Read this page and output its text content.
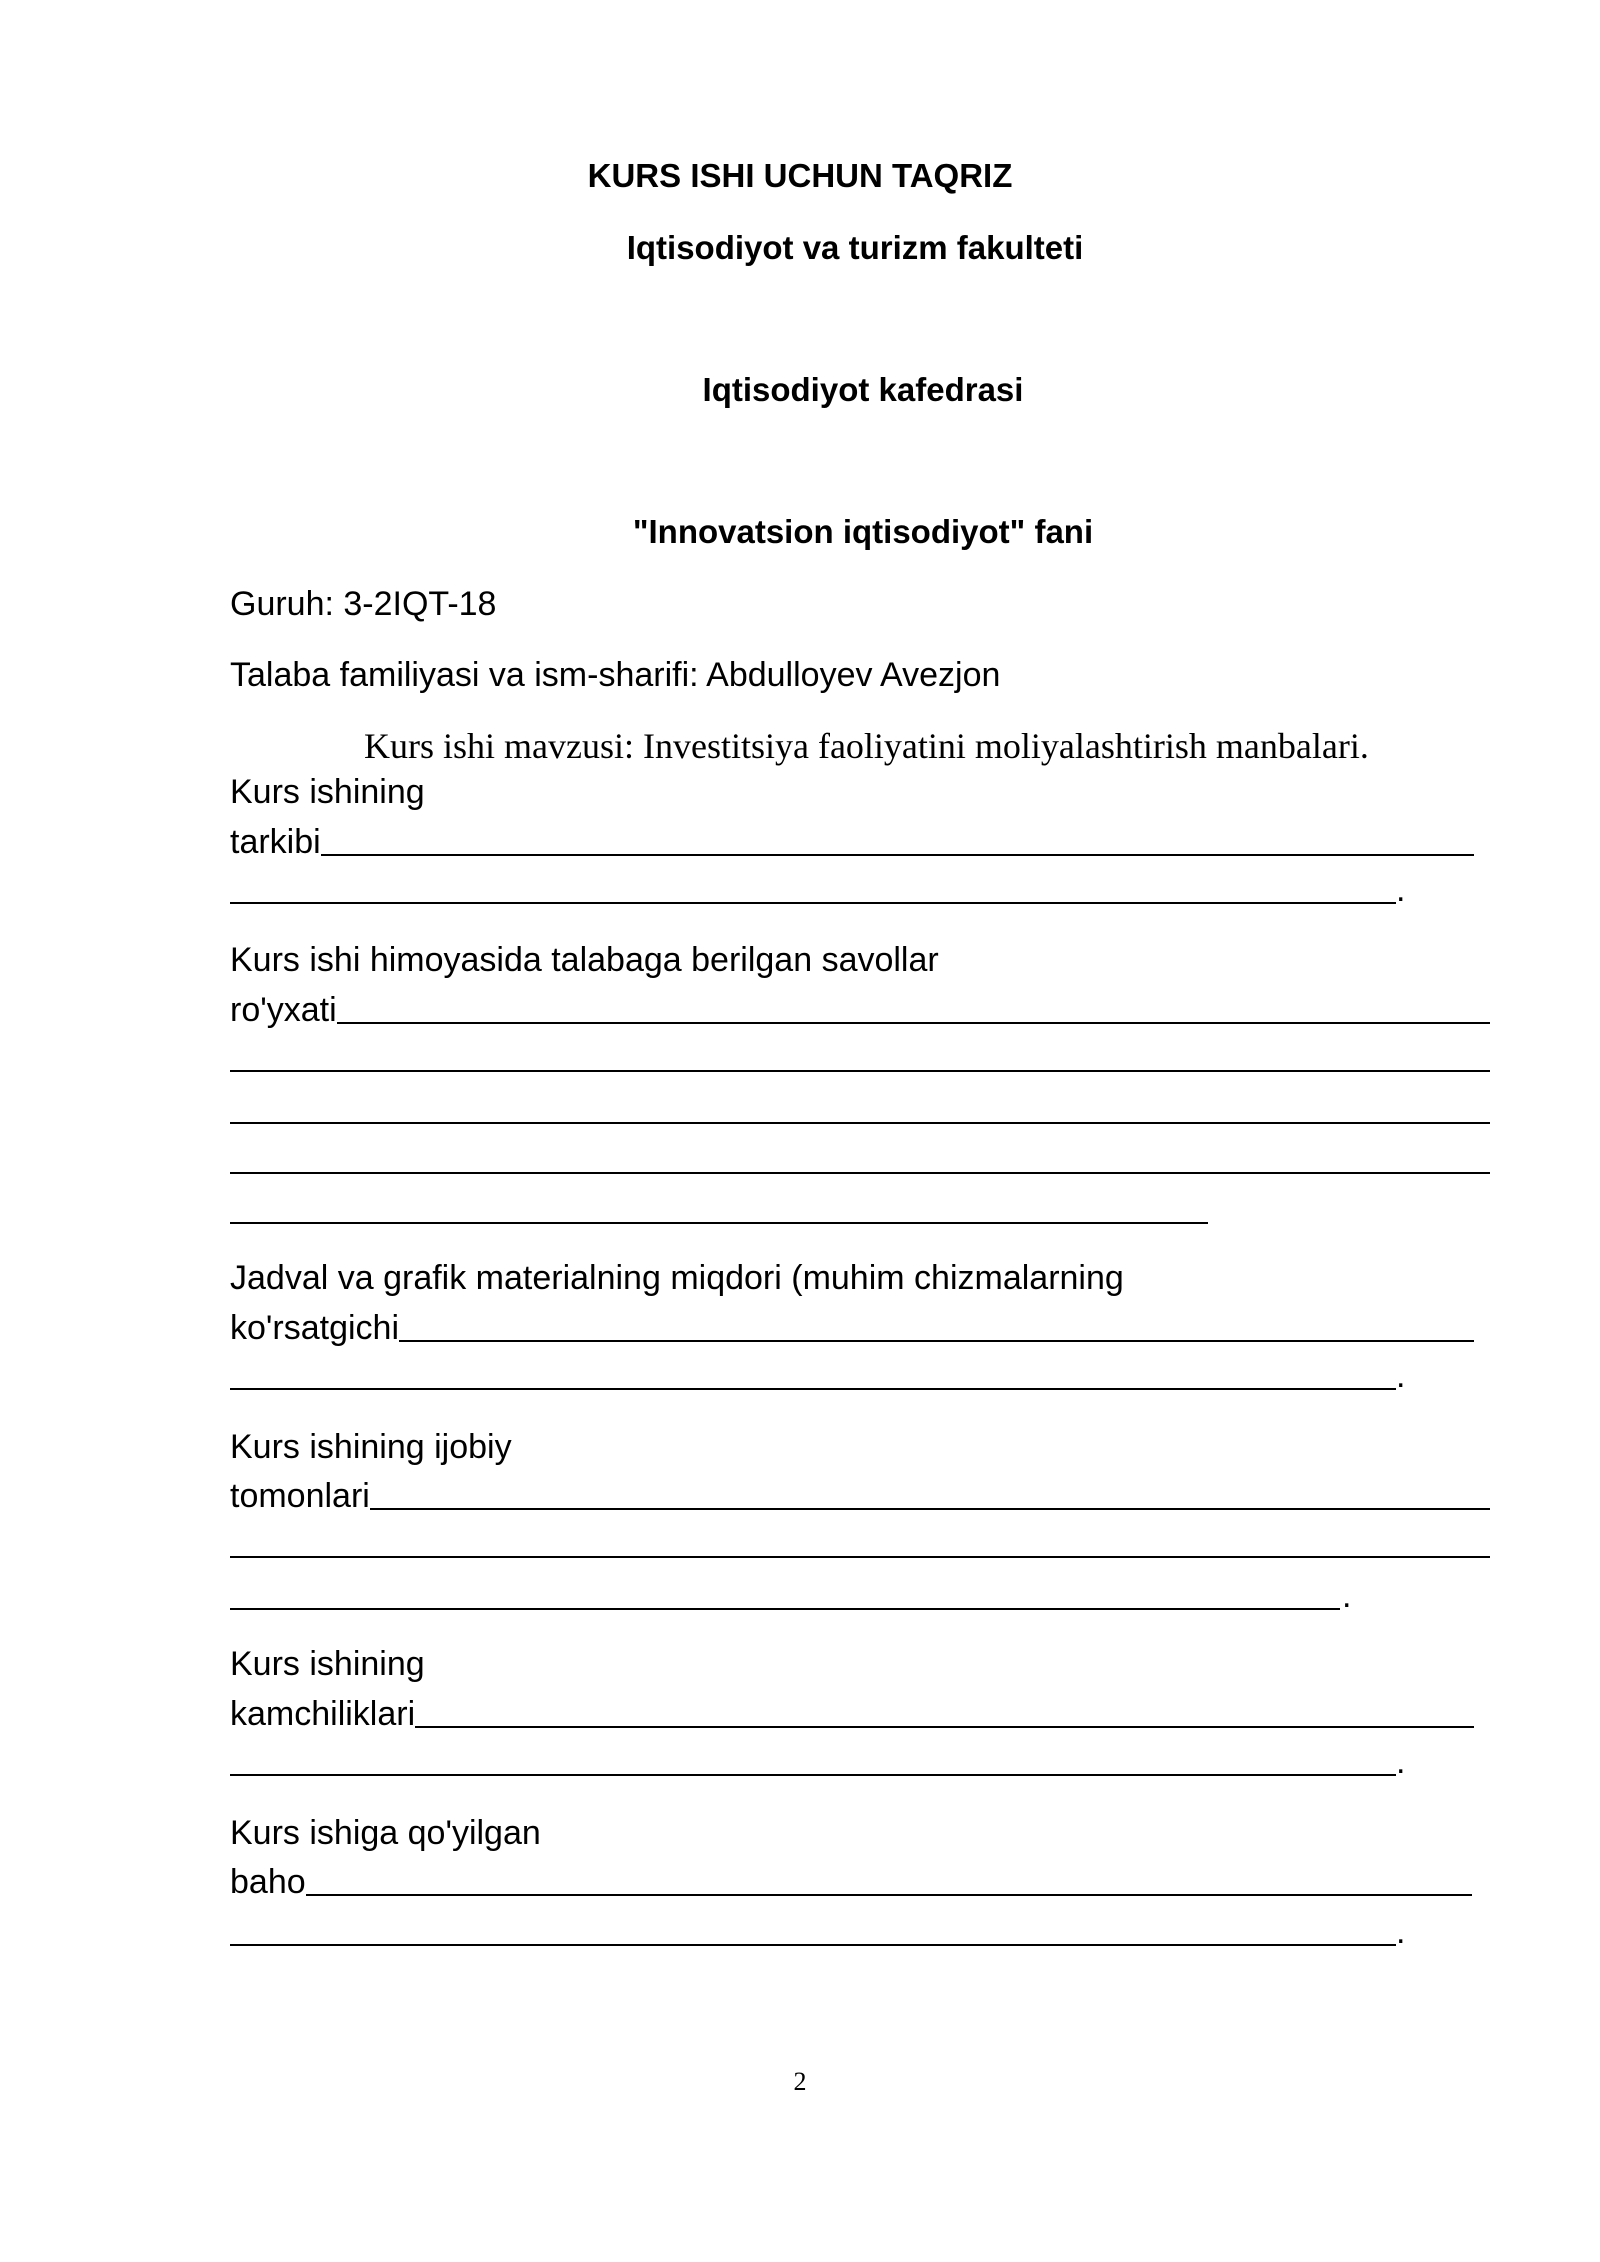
KURS ISHI UCHUN TAQRIZ
Iqtisodiyot va turizm fakulteti
Iqtisodiyot kafedrasi
"Innovatsion iqtisodiyot" fani
Guruh: 3-2IQT-18
Talaba familiyasi va ism-sharifi: Abdulloyev Avezjon
Kurs ishi mavzusi: Investitsiya faoliyatini moliyalashtirish manbalari.
Kurs ishining
tarkibi
.
Kurs ishi himoyasida talabaga berilgan savollar
ro'yxati
Jadval va grafik materialning miqdori (muhim chizmalarning
ko'rsatgichi
.
Kurs ishining ijobiy
tomonlari
.
Kurs ishining
kamchiliklari
.
Kurs ishiga qo'yilgan
baho
.
2
